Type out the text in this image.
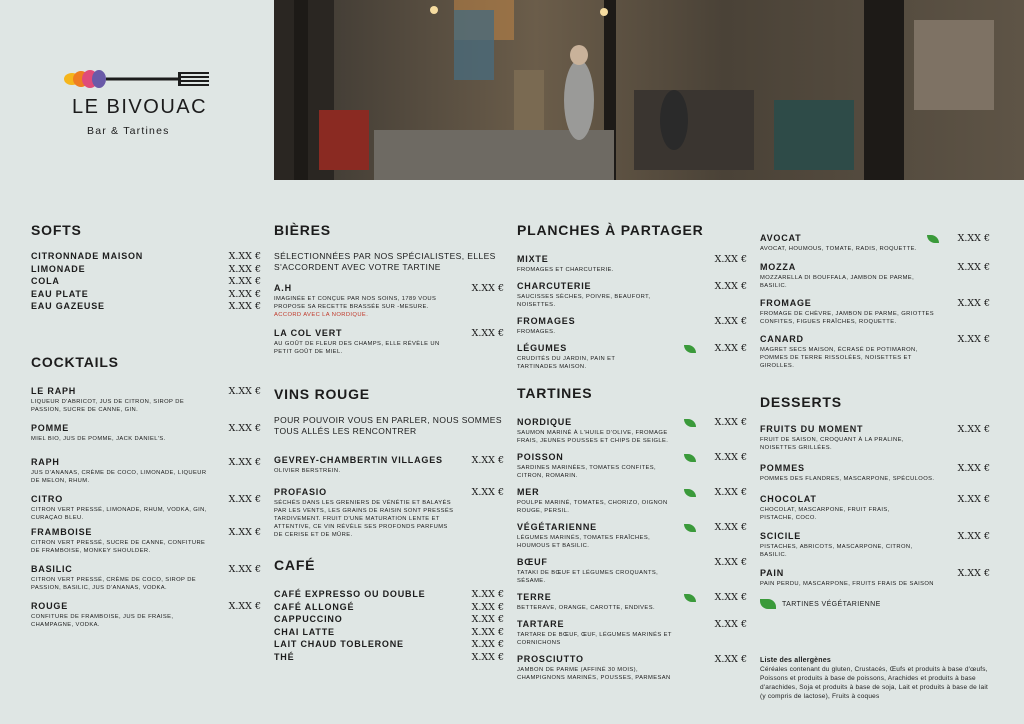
LE BIVOUAC
Bar & Tartines
SOFTS
CITRONNADE MAISON	X.XX €
LIMONADE	X.XX €
COLA	X.XX €
EAU PLATE	X.XX €
EAU GAZEUSE	X.XX €
COCKTAILS
LE RAPH	X.XX €
LIQUEUR D'ABRICOT, JUS DE CITRON, SIROP DE PASSION, SUCRE DE CANNE, GIN.
POMME	X.XX €
MIEL BIO, JUS DE POMME, JACK DANIEL'S.
RAPH	X.XX €
JUS D'ANANAS, CRÈME DE COCO, LIMONADE, LIQUEUR DE MELON, RHUM.
CITRO	X.XX €
CITRON VERT PRESSÉ, LIMONADE, RHUM, VODKA, GIN, CURAÇAO BLEU.
FRAMBOISE	X.XX €
CITRON VERT PRESSÉ, SUCRE DE CANNE, CONFITURE DE FRAMBOISE, MONKEY SHOULDER.
BASILIC	X.XX €
CITRON VERT PRESSÉ, CRÈME DE COCO, SIROP DE PASSION, BASILIC, JUS D'ANANAS, VODKA.
ROUGE	X.XX €
CONFITURE DE FRAMBOISE, JUS DE FRAISE, CHAMPAGNE, VODKA.
BIÈRES
SÉLECTIONNÉES PAR NOS SPÉCIALISTES, ELLES S'ACCORDENT AVEC VOTRE TARTINE
A.H	X.XX €
IMAGINÉE ET CONÇUE PAR NOS SOINS, 1789 VOUS PROPOSE SA RECETTE BRASSÉE SUR -MESURE.
ACCORD AVEC LA NORDIQUE.
LA COL VERT	X.XX €
AU GOÛT DE FLEUR DES CHAMPS, ELLE RÉVÈLE UN PETIT GOÛT DE MIEL.
VINS ROUGE
POUR POUVOIR VOUS EN PARLER, NOUS SOMMES TOUS ALLÉS LES RENCONTRER
GEVREY-CHAMBERTIN VILLAGES	X.XX €
OLIVIER BERSTREIN.
PROFASIO	X.XX €
SÉCHÉS DANS LES GRENIERS DE VÉNÉTIE ET BALAYÉS PAR LES VENTS, LES GRAINS DE RAISIN SONT PRESSÉS TARDIVEMENT. FRUIT D'UNE MATURATION LENTE ET ATTENTIVE, CE VIN RÉVÈLE SES PROFONDS PARFUMS DE CERISE ET DE MÛRE.
CAFÉ
CAFÉ EXPRESSO OU DOUBLE	X.XX €
CAFÉ ALLONGÉ	X.XX €
CAPPUCCINO	X.XX €
CHAI LATTE	X.XX €
LAIT CHAUD TOBLERONE	X.XX €
THÉ	X.XX €
PLANCHES À PARTAGER
MIXTE	X.XX €
FROMAGES ET CHARCUTERIE.
CHARCUTERIE	X.XX €
SAUCISSES SÈCHES, POIVRE, BEAUFORT, NOISETTES.
FROMAGES	X.XX €
FROMAGES.
LÉGUMES	X.XX €
CRUDITÉS DU JARDIN, PAIN ET TARTINADES MAISON.
TARTINES
NORDIQUE	X.XX €
SAUMON MARINÉ À L'HUILE D'OLIVE, FROMAGE FRAIS, JEUNES POUSSES ET CHIPS DE SEIGLE.
POISSON	X.XX €
SARDINES MARINÉES, TOMATES CONFITES, CITRON, ROMARIN.
MER	X.XX €
POULPE MARINÉ, TOMATES, CHORIZO, OIGNON ROUGE, PERSIL.
VÉGÉTARIENNE	X.XX €
LÉGUMES MARINÉS, TOMATES FRAÎCHES, HOUMOUS ET BASILIC.
BŒUF	X.XX €
TATAKI DE BŒUF ET LÉGUMES CROQUANTS, SÉSAME.
TERRE	X.XX €
BETTERAVE, ORANGE, CAROTTE, ENDIVES.
TARTARE	X.XX €
TARTARE DE BŒUF, ŒUF, LÉGUMES MARINÉS ET CORNICHONS
PROSCIUTTO	X.XX €
JAMBON DE PARME (AFFINÉ 30 MOIS), CHAMPIGNONS MARINÉS, POUSSES, PARMESAN
AVOCAT	X.XX €
AVOCAT, HOUMOUS, TOMATE, RADIS, ROQUETTE.
MOZZA	X.XX €
MOZZARELLA DI BOUFFALA, JAMBON DE PARME, BASILIC.
FROMAGE	X.XX €
FROMAGE DE CHÈVRE, JAMBON DE PARME, GRIOTTES CONFITES, FIGUES FRAÎCHES, ROQUETTE.
CANARD	X.XX €
MAGRET SECS MAISON, ÉCRASÉ DE POTIMARON, POMMES DE TERRE RISSOLÉES, NOISETTES ET GIROLLES.
DESSERTS
FRUITS DU MOMENT	X.XX €
FRUIT DE SAISON, CROQUANT À LA PRALINE, NOISETTES GRILLÉES.
POMMES	X.XX €
POMMES DES FLANDRES, MASCARPONE, SPÉCULOOS.
CHOCOLAT	X.XX €
CHOCOLAT, MASCARPONE, FRUIT FRAIS, PISTACHE, COCO.
SCICILE	X.XX €
PISTACHES, ABRICOTS, MASCARPONE, CITRON, BASILIC.
PAIN	X.XX €
PAIN PERDU, MASCARPONE, FRUITS FRAIS DE SAISON
TARTINES VÉGÉTARIENNE
Liste des allergènes
Céréales contenant du gluten, Crustacés, Œufs et produits à base d'œufs, Poissons et produits à base de poissons, Arachides et produits à base d'arachides, Soja et produits à base de soja, Lait et produits à base de lait (y compris de lactose), Fruits à coques
